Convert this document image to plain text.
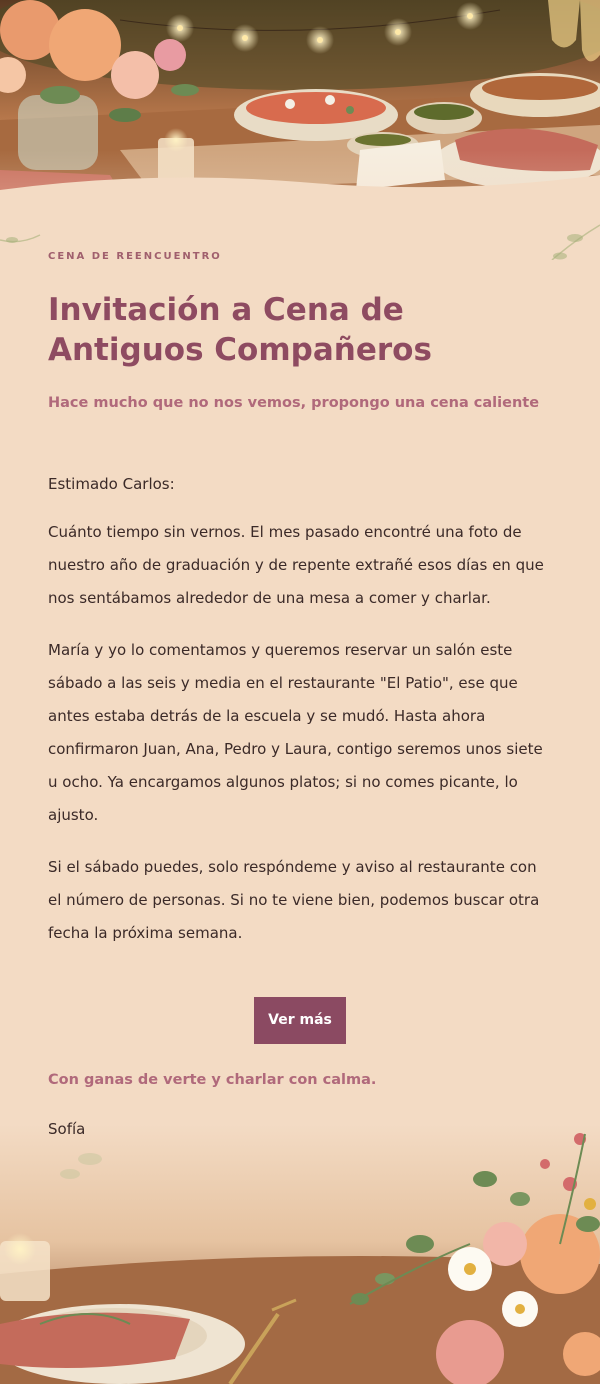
CENA DE REENCUENTRO
Invitación a Cena de Antiguos Compañeros
Hace mucho que no nos vemos, propongo una cena caliente
Estimado Carlos:

Cuánto tiempo sin vernos. El mes pasado encontré una foto de nuestro año de graduación y de repente extrañé esos días en que nos sentábamos alrededor de una mesa a comer y charlar.

María y yo lo comentamos y queremos reservar un salón este sábado a las seis y media en el restaurante "El Patio", ese que antes estaba detrás de la escuela y se mudó. Hasta ahora confirmaron Juan, Ana, Pedro y Laura, contigo seremos unos siete u ocho. Ya encargamos algunos platos; si no comes picante, lo ajusto.

Si el sábado puedes, solo respóndeme y aviso al restaurante con el número de personas. Si no te viene bien, podemos buscar otra fecha la próxima semana.

Ver más
Con ganas de verte y charlar con calma.
Sofía
